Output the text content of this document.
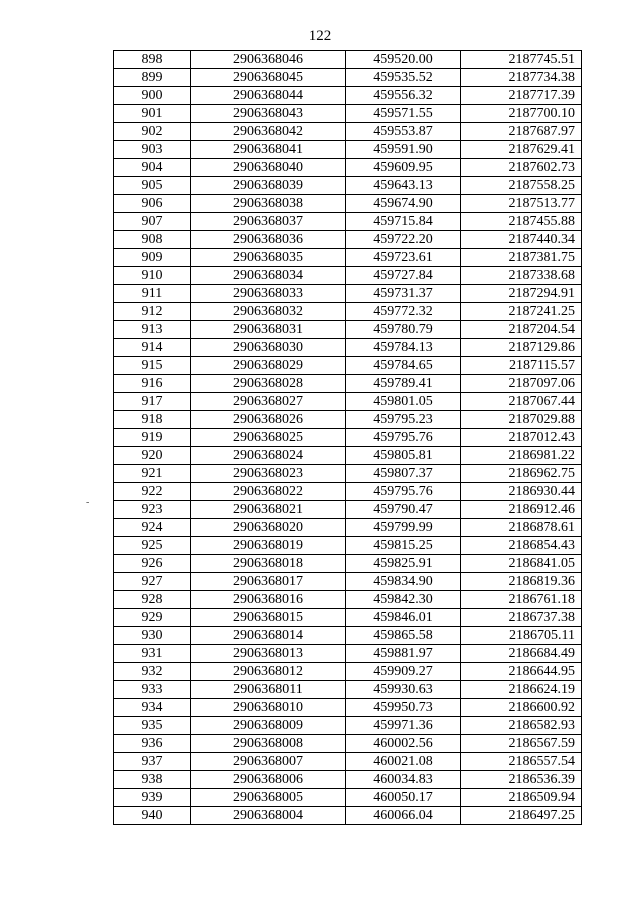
122
-
898	2906368046	459520.00	2187745.51
899	2906368045	459535.52	2187734.38
900	2906368044	459556.32	2187717.39
901	2906368043	459571.55	2187700.10
902	2906368042	459553.87	2187687.97
903	2906368041	459591.90	2187629.41
904	2906368040	459609.95	2187602.73
905	2906368039	459643.13	2187558.25
906	2906368038	459674.90	2187513.77
907	2906368037	459715.84	2187455.88
908	2906368036	459722.20	2187440.34
909	2906368035	459723.61	2187381.75
910	2906368034	459727.84	2187338.68
911	2906368033	459731.37	2187294.91
912	2906368032	459772.32	2187241.25
913	2906368031	459780.79	2187204.54
914	2906368030	459784.13	2187129.86
915	2906368029	459784.65	2187115.57
916	2906368028	459789.41	2187097.06
917	2906368027	459801.05	2187067.44
918	2906368026	459795.23	2187029.88
919	2906368025	459795.76	2187012.43
920	2906368024	459805.81	2186981.22
921	2906368023	459807.37	2186962.75
922	2906368022	459795.76	2186930.44
923	2906368021	459790.47	2186912.46
924	2906368020	459799.99	2186878.61
925	2906368019	459815.25	2186854.43
926	2906368018	459825.91	2186841.05
927	2906368017	459834.90	2186819.36
928	2906368016	459842.30	2186761.18
929	2906368015	459846.01	2186737.38
930	2906368014	459865.58	2186705.11
931	2906368013	459881.97	2186684.49
932	2906368012	459909.27	2186644.95
933	2906368011	459930.63	2186624.19
934	2906368010	459950.73	2186600.92
935	2906368009	459971.36	2186582.93
936	2906368008	460002.56	2186567.59
937	2906368007	460021.08	2186557.54
938	2906368006	460034.83	2186536.39
939	2906368005	460050.17	2186509.94
940	2906368004	460066.04	2186497.25
